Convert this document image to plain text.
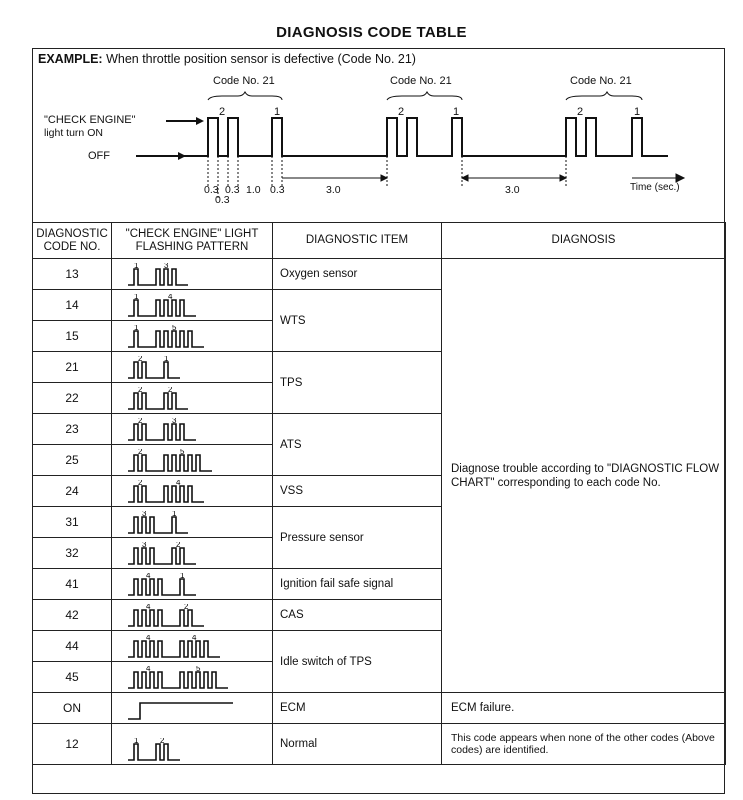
DIAGNOSIS CODE TABLE
EXAMPLE: When throttle position sensor is defective (Code No. 21)
Code No. 21	Code No. 21	Code No. 21
2	1	2	1	2	1
"CHECK ENGINE"
light turn ON
OFF
0.3 0.3
0.3
1.0 0.3	3.0	3.0	Time (sec.)
DIAGNOSTIC
CODE NO.	"CHECK ENGINE" LIGHT
FLASHING PATTERN	DIAGNOSTIC ITEM	DIAGNOSIS
13	1 3	Oxygen sensor	Diagnose trouble according to "DIAGNOSTIC FLOW CHART" corresponding to each code No.
14	1 4	WTS	
15	1 5		

21	2 1	TPS	
22	2 2		

23	2 3	ATS	
25	2 5		

24	2 4	VSS	
31	3 1	Pressure sensor	
32	3 2		

41	4 1	Ignition fail safe signal	
42	4 2	CAS	
44	4 4	Idle switch of TPS	
45	4 5		

ON		ECM	ECM failure.
12	1 2	Normal	This code appears when none of the other codes (Above codes) are identified.
